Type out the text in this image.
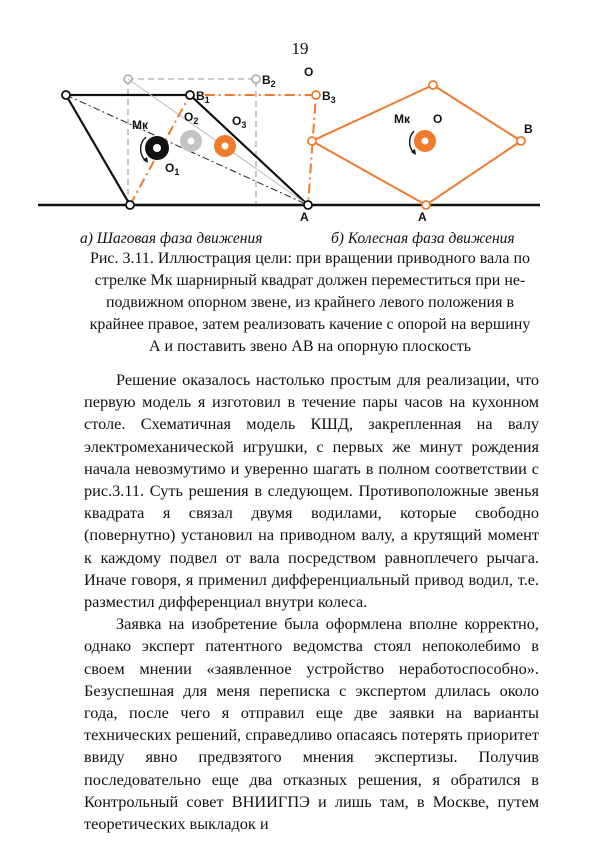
19
$B_1$
$B_2$
$B_3$
O
Mк
$O_2$	$O_3$
$O_1$
A
Mк O
B
A
а) Шаговая фаза движения	б) Колесная фаза движения
Рис. 3.11. Иллюстрация цели: при вращении приводного вала по
стрелке Мк шарнирный квадрат должен переместиться при не-
подвижном опорном звене, из крайнего левого положения в
крайнее правое, затем реализовать качение с опорой на вершину
А и поставить звено АВ на опорную плоскость

Решение оказалось настолько простым для реализации, что первую модель я изготовил в течение пары часов на кухонном столе. Схематичная модель КШД, закрепленная на валу электромеханической игрушки, с первых же минут рождения начала невозмутимо и уверенно шагать в полном соответствии с рис.3.11. Суть решения в следующем. Противоположные звенья квадрата я связал двумя водилами, которые свободно (повернутно) установил на приводном валу, а крутящий момент к каждому подвел от вала посредством равноплечего рычага. Иначе говоря, я применил дифференциальный привод водил, т.е. разместил дифференциал внутри колеса.

Заявка на изобретение была оформлена вполне корректно, однако эксперт патентного ведомства стоял непоколебимо в своем мнении «заявленное устройство неработоспособно». Безуспешная для меня переписка с экспертом длилась около года, после чего я отправил еще две заявки на варианты технических решений, справедливо опасаясь потерять приоритет ввиду явно предвзятого мнения экспертизы. Получив последовательно еще два отказных решения, я обратился в Контрольный совет ВНИИГПЭ и лишь там, в Москве, путем теоретических выкладок и
